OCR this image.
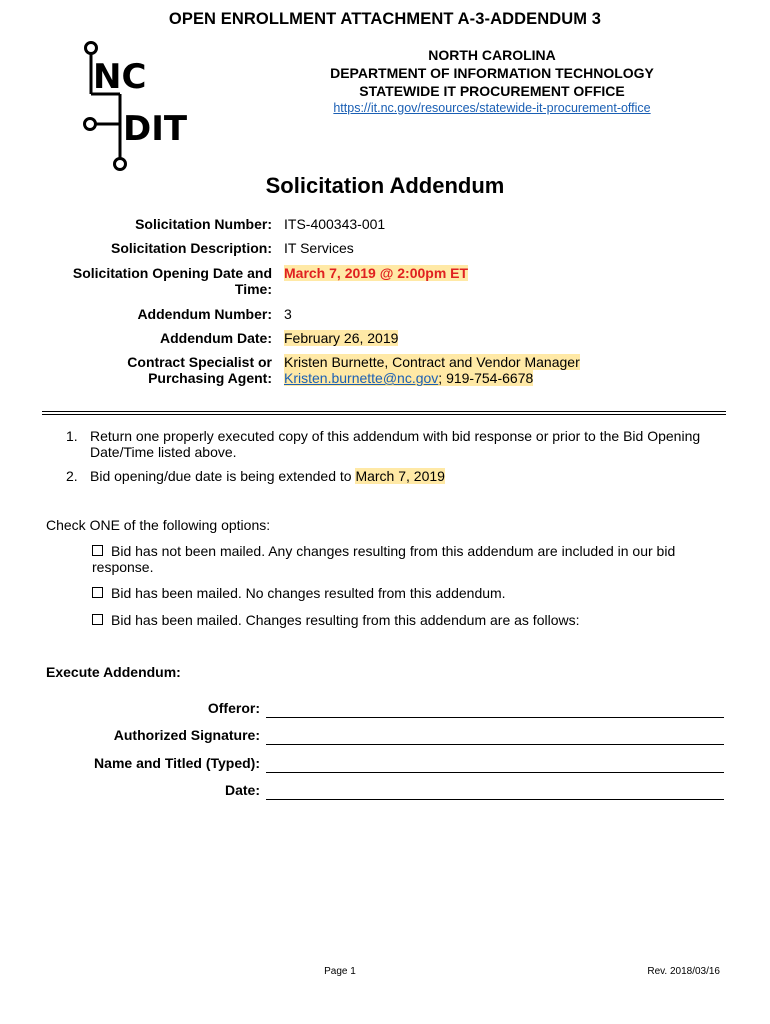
OPEN ENROLLMENT ATTACHMENT A-3-ADDENDUM 3
NC
DIT
NORTH CAROLINA
DEPARTMENT OF INFORMATION TECHNOLOGY
STATEWIDE IT PROCUREMENT OFFICE
https://it.nc.gov/resources/statewide-it-procurement-office
Solicitation Addendum
Solicitation Number: ITS-400343-001
Solicitation Description: IT Services
Solicitation Opening Date and
Time:
March 7, 2019 @ 2:00pm ET
Addendum Number: 3
Addendum Date: February 26, 2019
Contract Specialist or
Purchasing Agent:
Kristen Burnette, Contract and Vendor Manager
Kristen.burnette@nc.gov; 919-754-6678
1. Return one properly executed copy of this addendum with bid response or prior to the Bid Opening
Date/Time listed above.
2. Bid opening/due date is being extended to March 7, 2019
Check ONE of the following options:
Bid has not been mailed. Any changes resulting from this addendum are included in our bid
response.
Bid has been mailed. No changes resulted from this addendum.
Bid has been mailed. Changes resulting from this addendum are as follows:
Execute Addendum:
Offeror:
Authorized Signature:
Name and Titled (Typed):
Date:
Page 1	Rev. 2018/03/16
